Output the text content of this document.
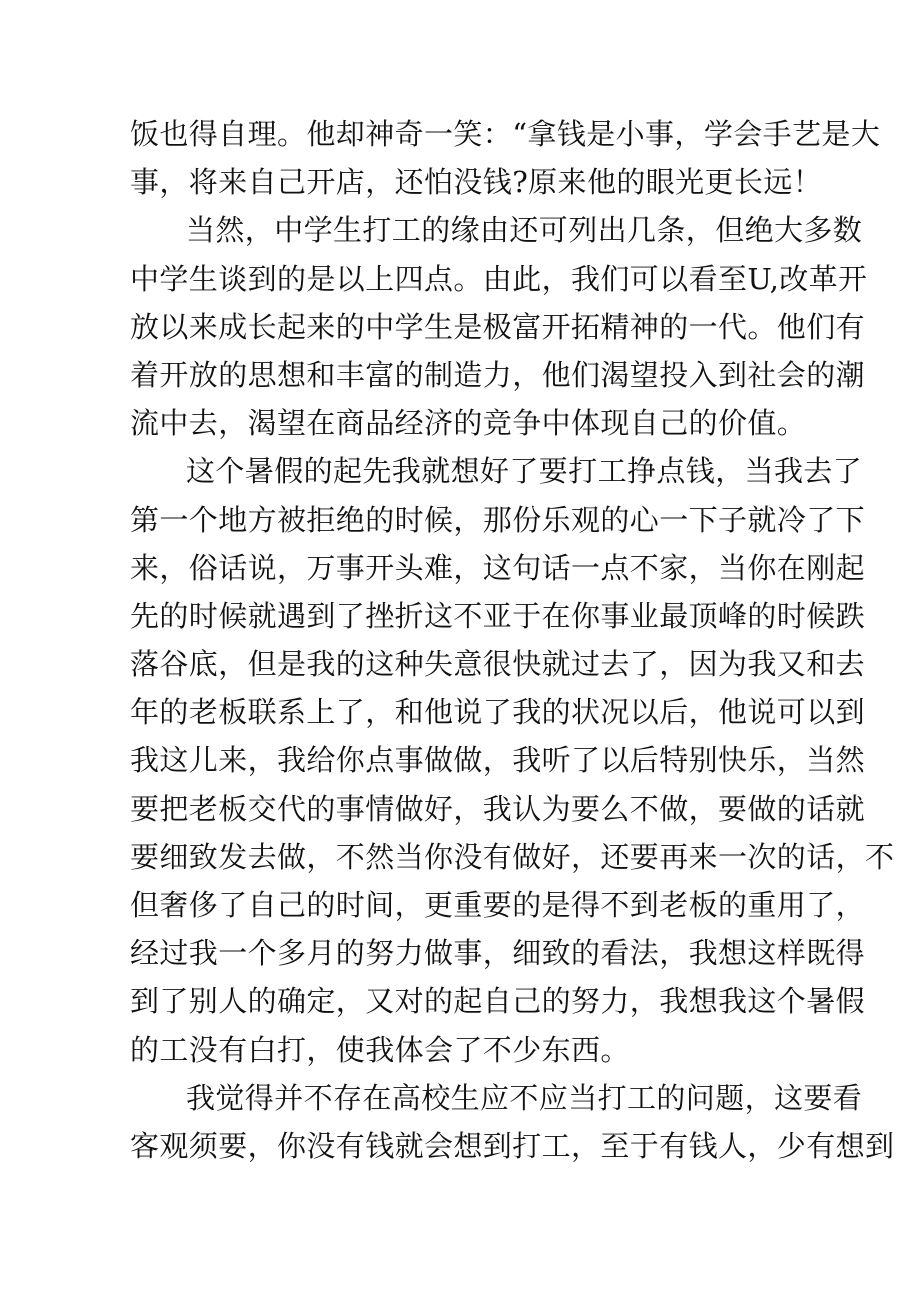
饭也得自理。他却神奇一笑：“拿钱是小事，学会手艺是大
事，将来自己开店，还怕没钱?原来他的眼光更长远！
当然，中学生打工的缘由还可列出几条，但绝大多数
中学生谈到的是以上四点。由此，我们可以看至U,改革开
放以来成长起来的中学生是极富开拓精神的一代。他们有
着开放的思想和丰富的制造力，他们渴望投入到社会的潮
流中去，渴望在商品经济的竞争中体现自己的价值。
这个暑假的起先我就想好了要打工挣点钱，当我去了
第一个地方被拒绝的时候，那份乐观的心一下子就冷了下
来，俗话说，万事开头难，这句话一点不家，当你在刚起
先的时候就遇到了挫折这不亚于在你事业最顶峰的时候跌
落谷底，但是我的这种失意很快就过去了，因为我又和去
年的老板联系上了，和他说了我的状况以后，他说可以到
我这儿来，我给你点事做做，我听了以后特别快乐，当然
要把老板交代的事情做好，我认为要么不做，要做的话就
要细致发去做，不然当你没有做好，还要再来一次的话，不
但奢侈了自己的时间，更重要的是得不到老板的重用了，
经过我一个多月的努力做事，细致的看法，我想这样既得
到了别人的确定，又对的起自己的努力，我想我这个暑假
的工没有白打，使我体会了不少东西。
我觉得并不存在高校生应不应当打工的问题，这要看
客观须要，你没有钱就会想到打工，至于有钱人，少有想到
